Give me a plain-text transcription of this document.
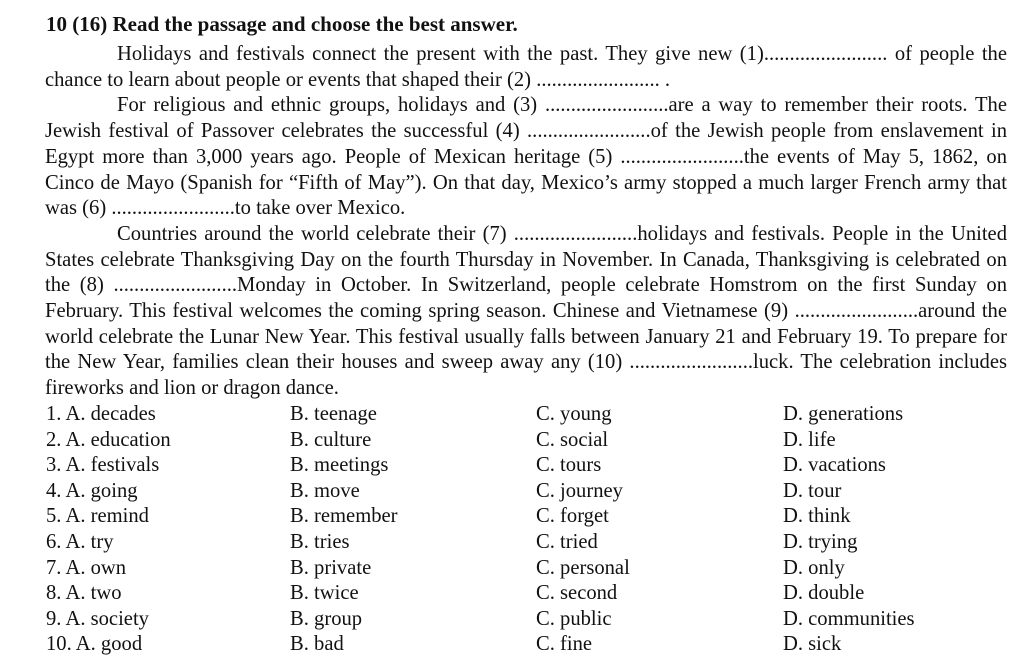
10 (16) Read the passage and choose the best answer.

Holidays and festivals connect the present with the past. They give new (1)........................ of people the chance to learn about people or events that shaped their (2) ........................ .

For religious and ethnic groups, holidays and (3) ........................are a way to remember their roots. The Jewish festival of Passover celebrates the successful (4) ........................of the Jewish people from enslavement in Egypt more than 3,000 years ago. People of Mexican heritage (5) ........................the events of May 5, 1862, on Cinco de Mayo (Spanish for “Fifth of May”). On that day, Mexico’s army stopped a much larger French army that was (6) ........................to take over Mexico.

Countries around the world celebrate their (7) ........................holidays and festivals. People in the United States celebrate Thanksgiving Day on the fourth Thursday in November. In Canada, Thanksgiving is celebrated on the (8) ........................Monday in October. In Switzerland, people celebrate Homstrom on the first Sunday on February. This festival welcomes the coming spring season. Chinese and Vietnamese (9) ........................around the world celebrate the Lunar New Year. This festival usually falls between January 21 and February 19. To prepare for the New Year, families clean their houses and sweep away any (10) ........................luck. The celebration includes fireworks and lion or dragon dance.

1. A. decades	B. teenage	C. young	D. generations
2. A. education	B. culture	C. social	D. life
3. A. festivals	B. meetings	C. tours	D. vacations
4. A. going	B. move	C. journey	D. tour
5. A. remind	B. remember	C. forget	D. think
6. A. try	B. tries	C. tried	D. trying
7. A. own	B. private	C. personal	D. only
8. A. two	B. twice	C. second	D. double
9. A. society	B. group	C. public	D. communities
10. A. good	B. bad	C. fine	D. sick
